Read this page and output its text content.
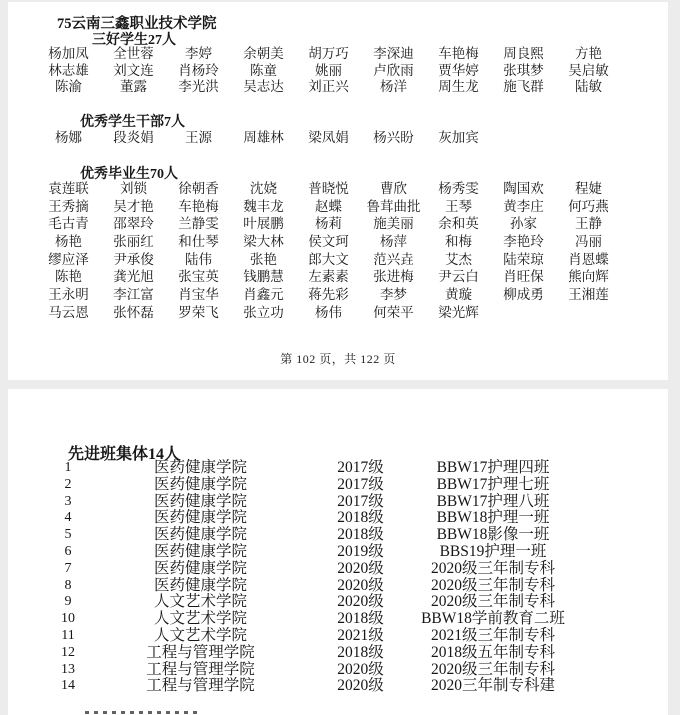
75云南三鑫职业技术学院
三好学生27人
杨加凤	全世蓉	李婷	余朝美	胡万巧	李深迪	车艳梅	周良熙	方艳
林志雄	刘文连	肖杨玲	陈童	姚丽	卢欣雨	贾华婷	张琪梦	吴启敏
陈渝	董露	李光洪	吴志达	刘正兴	杨洋	周生龙	施飞群	陆敏
优秀学生干部7人
杨娜	段炎娟	王源	周雄林	梁凤娟	杨兴盼	灰加宾
优秀毕业生70人
袁莲联	刘锁	徐朝香	沈娆	普晓悦	曹欣	杨秀雯	陶国欢	程婕
王秀摘	吴才艳	车艳梅	魏丰龙	赵蝶	鲁茸曲批	王琴	黄李庄	何巧燕
毛古青	邵翠玲	兰静雯	叶展鹏	杨莉	施美丽	余和英	孙家	王静
杨艳	张丽红	和仕琴	梁大林	侯文珂	杨萍	和梅	李艳玲	冯丽
缪应泽	尹承俊	陆伟	张艳	郎大文	范兴垚	艾杰	陆荣琼	肖恩蝶
陈艳	龚光旭	张宝英	钱鹏慧	左素素	张进梅	尹云白	肖旺保	熊向辉
王永明	李江富	肖宝华	肖鑫元	蒋先彩	李梦	黄璇	柳成勇	王湘莲
马云恩	张怀磊	罗荣飞	张立功	杨伟	何荣平	梁光辉
第 102 页，共 122 页
先进班集体14人
1	医药健康学院	2017级	BBW17护理四班
2	医药健康学院	2017级	BBW17护理七班
3	医药健康学院	2017级	BBW17护理八班
4	医药健康学院	2018级	BBW18护理一班
5	医药健康学院	2018级	BBW18影像一班
6	医药健康学院	2019级	BBS19护理一班
7	医药健康学院	2020级	2020级三年制专科
8	医药健康学院	2020级	2020级三年制专科
9	人文艺术学院	2020级	2020级三年制专科
10	人文艺术学院	2018级	BBW18学前教育二班
11	人文艺术学院	2021级	2021级三年制专科
12	工程与管理学院	2018级	2018级五年制专科
13	工程与管理学院	2020级	2020级三年制专科
14	工程与管理学院	2020级	2020三年制专科建
